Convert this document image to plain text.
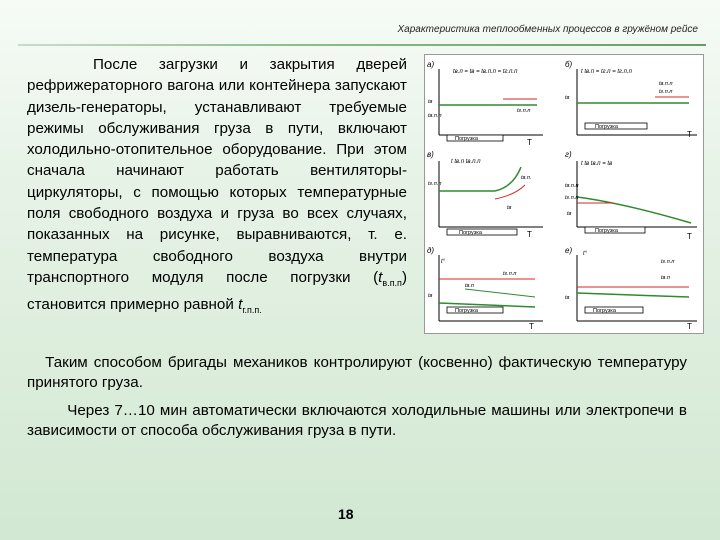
Характеристика теплообменных процессов в гружёном рейсе
После загрузки и закрытия дверей рефрижераторного вагона или контейнера запускают дизель-генераторы, устанавливают требуемые режимы обслуживания груза в пути, включают холодильно-отопительное оборудование. При этом сначала начинают работать вентиляторы-циркуляторы, с помощью которых температурные поля свободного воздуха и груза во всех случаях, показанных на рисунке, выравниваются, т. е. температура свободного воздуха внутри транспортного модуля после погрузки $(t_{в.п.п})$ становится примерно равной $t_{г.п.п.}$
а)
tв.п = tв = tв.п.п = tг.п.п
tв
tв.п.п
tг.п.п
Погрузка	T
б)
t tв.п = tг.п = tг.п.п
tв.п.п
tг.п.п
tв
Погрузка
T
в)
t tв.п tв.п.п
tг.п.п
tв.п.
tв
Погрузка	T
г)
t tв tв.п = tв
tв.п.п
tг.п.п
tв
Погрузка
T
д)
t°
tг.п.п
tв.п
tв
Погрузка
T
е) t°
tг.п.п
tв.п
tв
Погрузка
T
Таким способом бригады механиков контролируют (косвенно) фактическую температуру принятого груза.
Через 7…10 мин автоматически включаются холодильные машины или электропечи в зависимости от способа обслуживания груза в пути.
18
